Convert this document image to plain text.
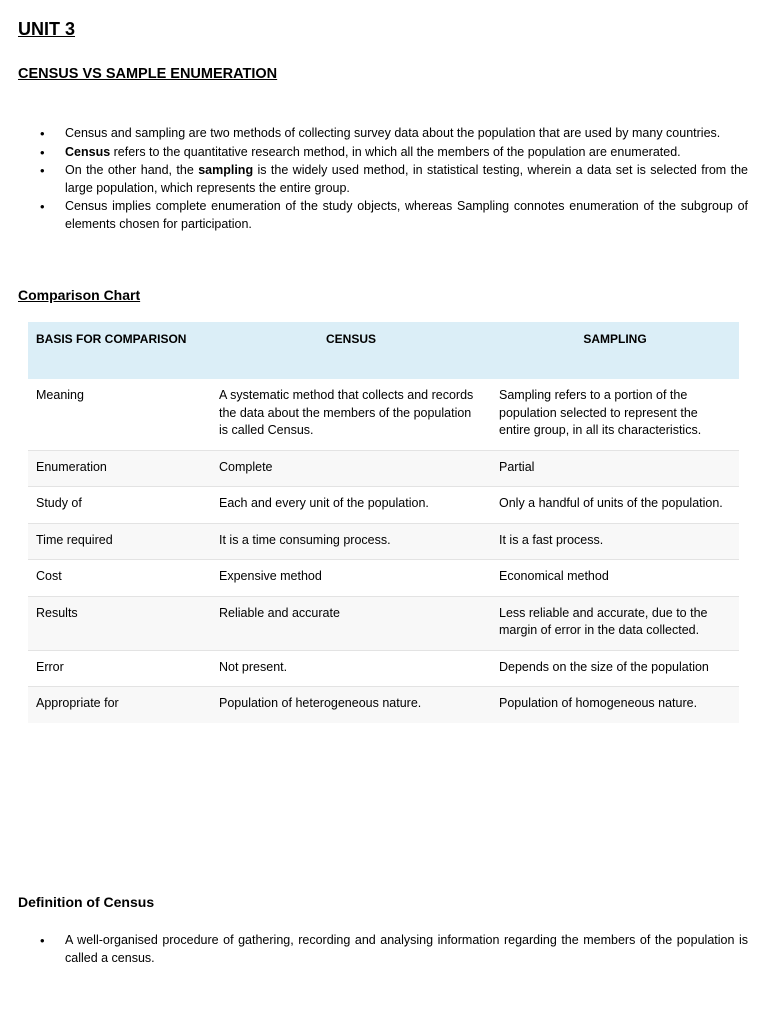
UNIT 3
CENSUS VS SAMPLE ENUMERATION
• Census and sampling are two methods of collecting survey data about the population that are used by many countries.
• Census refers to the quantitative research method, in which all the members of the population are enumerated.
• On the other hand, the sampling is the widely used method, in statistical testing, wherein a data set is selected from the large population, which represents the entire group.
• Census implies complete enumeration of the study objects, whereas Sampling connotes enumeration of the subgroup of elements chosen for participation.
Comparison Chart
BASIS FOR COMPARISON	CENSUS	SAMPLING
Meaning	A systematic method that collects and records the data about the members of the population is called Census.	Sampling refers to a portion of the population selected to represent the entire group, in all its characteristics.
Enumeration	Complete	Partial
Study of	Each and every unit of the population.	Only a handful of units of the population.
Time required	It is a time consuming process.	It is a fast process.
Cost	Expensive method	Economical method
Results	Reliable and accurate	Less reliable and accurate, due to the margin of error in the data collected.
Error	Not present.	Depends on the size of the population
Appropriate for	Population of heterogeneous nature.	Population of homogeneous nature.
Definition of Census
• A well-organised procedure of gathering, recording and analysing information regarding the members of the population is called a census.
